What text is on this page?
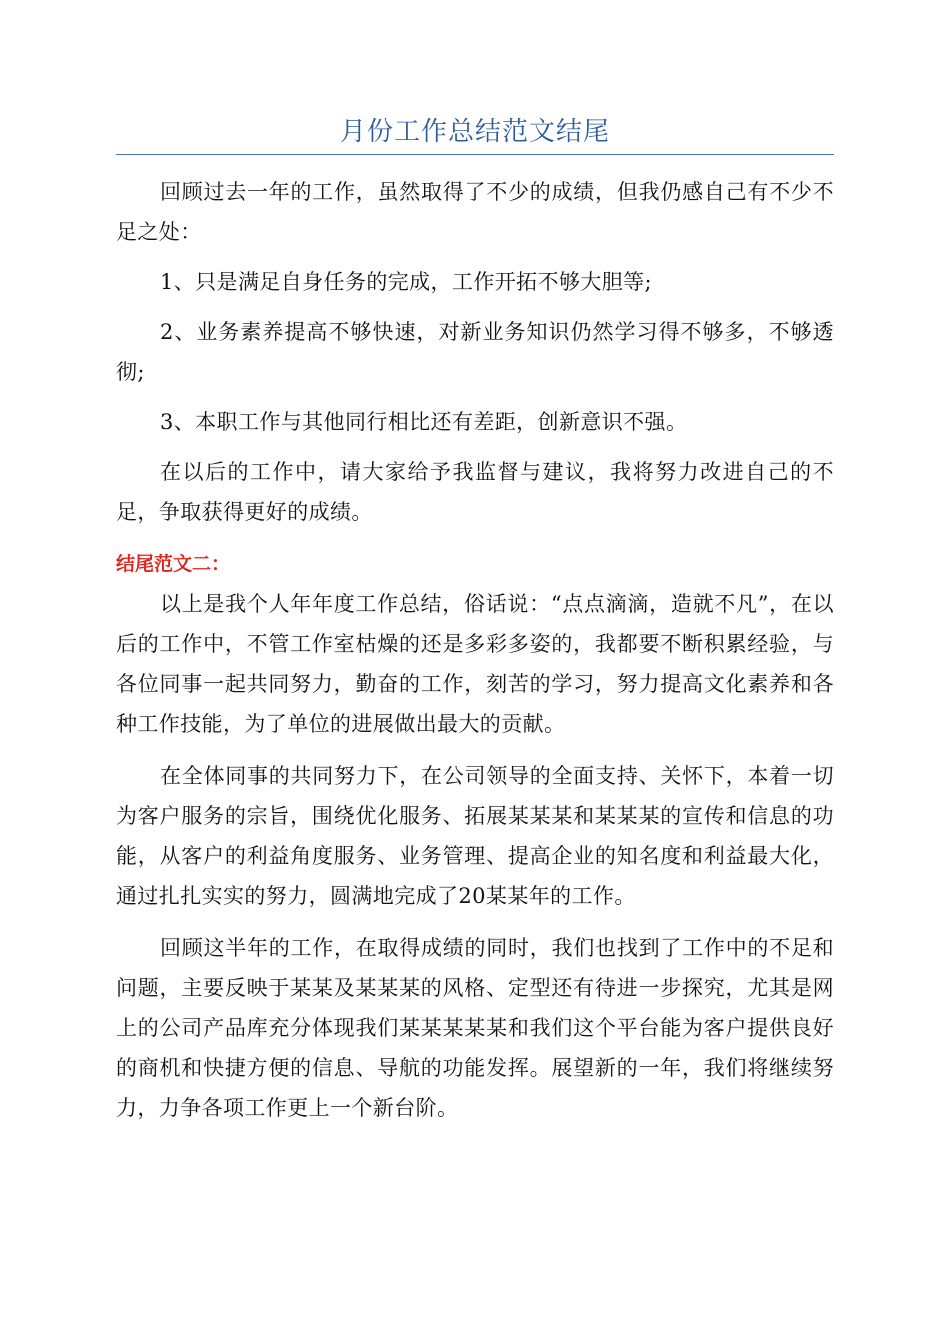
月份工作总结范文结尾

回顾过去一年的工作，虽然取得了不少的成绩，但我仍感自己有不少不足之处：

1、只是满足自身任务的完成，工作开拓不够大胆等;

2、业务素养提高不够快速，对新业务知识仍然学习得不够多，不够透彻;

3、本职工作与其他同行相比还有差距，创新意识不强。

在以后的工作中，请大家给予我监督与建议，我将努力改进自己的不足，争取获得更好的成绩。

结尾范文二：

以上是我个人年年度工作总结，俗话说：“点点滴滴，造就不凡”，在以后的工作中，不管工作室枯燥的还是多彩多姿的，我都要不断积累经验，与各位同事一起共同努力，勤奋的工作，刻苦的学习，努力提高文化素养和各种工作技能，为了单位的进展做出最大的贡献。

在全体同事的共同努力下，在公司领导的全面支持、关怀下，本着一切为客户服务的宗旨，围绕优化服务、拓展某某某和某某某的宣传和信息的功能，从客户的利益角度服务、业务管理、提高企业的知名度和利益最大化，通过扎扎实实的努力，圆满地完成了20某某年的工作。

回顾这半年的工作，在取得成绩的同时，我们也找到了工作中的不足和问题，主要反映于某某及某某某的风格、定型还有待进一步探究，尤其是网上的公司产品库充分体现我们某某某某某和我们这个平台能为客户提供良好的商机和快捷方便的信息、导航的功能发挥。展望新的一年，我们将继续努力，力争各项工作更上一个新台阶。
